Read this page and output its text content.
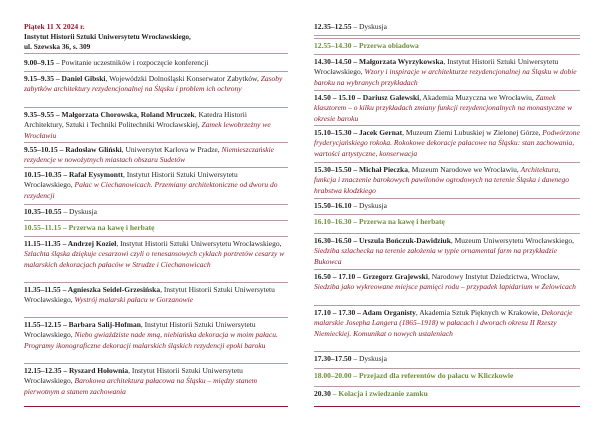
Piątek 11 X 2024 r.
Instytut Historii Sztuki Uniwersytetu Wrocławskiego,
ul. Szewska 36, s. 309
9.00–9.15 – Powitanie uczestników i rozpoczęcie konferencji
9.15–9.35 – Daniel Gibski, Wojewódzki Dolnośląski Konserwator Zabytków, Zasoby zabytków architektury rezydencjonalnej na Śląsku i problem ich ochrony
9.35–9.55 – Małgorzata Chorowska, Roland Mruczek, Katedra Historii Architektury, Sztuki i Techniki Politechniki Wrocławskiej, Zamek lewobrzeżny we Wrocławiu
9.55–10.15 – Radosław Gliński, Uniwersytet Karlova w Pradze, Niemieszczańskie rezydencje w nowożytnych miastach obszaru Sudetów
10.15–10.35 – Rafał Eysymontt, Instytut Historii Sztuki Uniwersytetu Wrocławskiego, Pałac w Ciechanowicach. Przemiany architektoniczne od dworu do rezydencji
10.35–10.55 – Dyskusja
10.55–11.15 – Przerwa na kawę i herbatę
11.15–11.35 – Andrzej Kozieł, Instytut Historii Sztuki Uniwersytetu Wrocławskiego, Szlachta śląska dziękuje cesarzowi czyli o renesansowych cyklach portretów cesarzy w malarskich dekoracjach pałaców w Strudze i Ciechanowicach
11.35–11.55 – Agnieszka Seidel-Grzesińska, Instytut Historii Sztuki Uniwersytetu Wrocławskiego, Wystrój malarski pałacu w Gorzanowie
11.55–12.15 – Barbara Salij-Hofman, Instytut Historii Sztuki Uniwersytetu Wrocławskiego, Niebo gwiaździste nade mną, niebiańska dekoracja w moim pałacu. Programy ikonograficzne dekoracji malarskich śląskich rezydencji epoki baroku
12.15–12.35 – Ryszard Hołownia, Instytut Historii Sztuki Uniwersytetu Wrocławskiego, Barokowa architektura pałacowa na Śląsku – między stanem pierwotnym a stanem zachowania
12.35–12.55 – Dyskusja
12.55–14.30 – Przerwa obiadowa
14.30–14.50 – Małgorzata Wyrzykowska, Instytut Historii Sztuki Uniwersytetu Wrocławskiego, Wzory i inspiracje w architekturze rezydencjonalnej na Śląsku w dobie baroku na wybranych przykładach
14.50 – 15.10 – Dariusz Galewski, Akademia Muzyczna we Wrocławiu, Zamek klasztorem – o kilku przykładach zmiany funkcji rezydencjonalnych na monastyczne w okresie baroku
15.10–15.30 – Jacek Gernat, Muzeum Ziemi Lubuskiej w Zielonej Górze, Podwórzone fryderycjańskiego rokoka. Rokokowe dekoracje pałacowe na Śląsku: stan zachowania, wartości artystyczne, konserwacja
15.30–15.50 – Michał Pieczka, Muzeum Narodowe we Wrocławiu, Architektura, funkcja i znaczenie barokowych pawilonów ogrodowych na terenie Śląska i dawnego hrabstwa kłodzkiego
15.50–16.10 – Dyskusja
16.10–16.30 – Przerwa na kawę i herbatę
16.30–16.50 – Urszula Bończuk-Dawidziuk, Muzeum Uniwersytetu Wrocławskiego, Siedziba szlachecka na terenie założenia w typie ornamental farm na przykładzie Bukowca
16.50 – 17.10 – Grzegorz Grajewski, Narodowy Instytut Dziedzictwa, Wrocław, Siedziba jako wykreowane miejsce pamięci rodu – przypadek lapidarium w Żelowicach
17.10 – 17.30 – Adam Organisty, Akademia Sztuk Pięknych w Krakowie, Dekoracje malarskie Josepha Langera (1865–1918) w pałacach i dworach okresu II Rzeszy Niemieckiej. Komunikat o nowych ustaleniach
17.30–17.50 – Dyskusja
18.00–20.00 – Przejazd dla referentów do pałacu w Kliczkowie
20.30 – Kolacja i zwiedzanie zamku
